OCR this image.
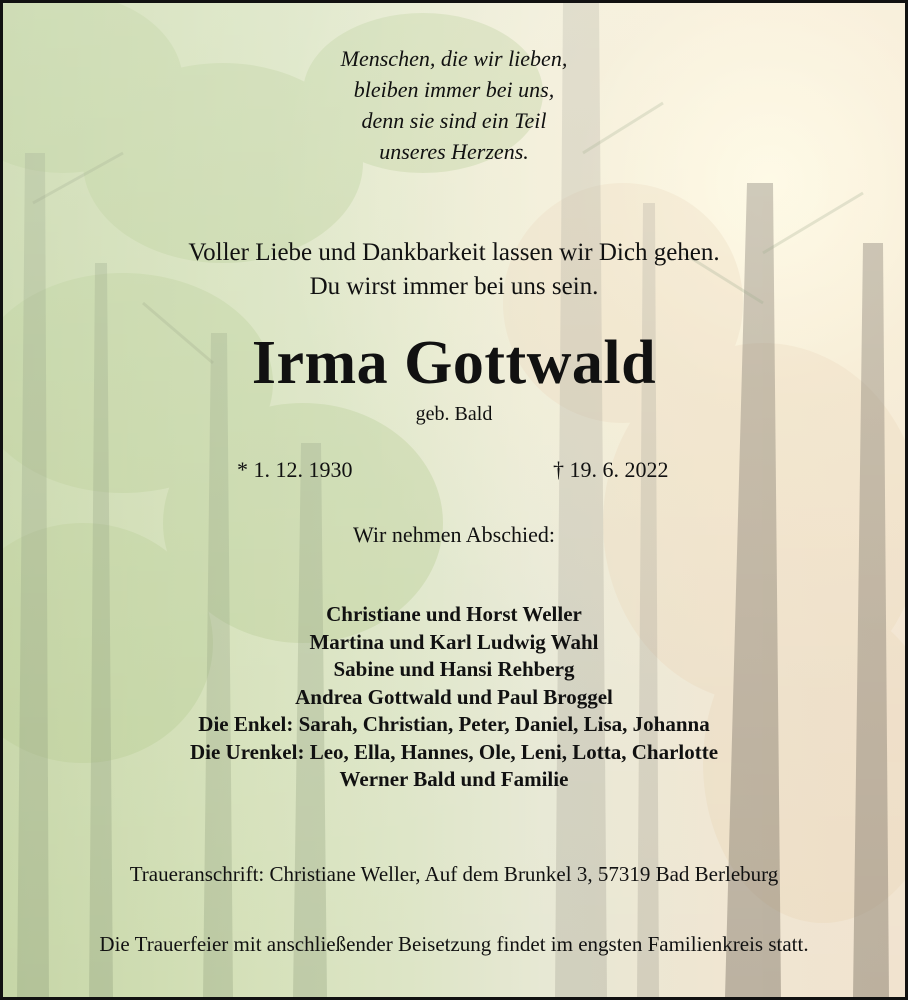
Menschen, die wir lieben,
bleiben immer bei uns,
denn sie sind ein Teil
unseres Herzens.
Voller Liebe und Dankbarkeit lassen wir Dich gehen.
Du wirst immer bei uns sein.
Irma Gottwald
geb. Bald
* 1. 12. 1930	† 19. 6. 2022
Wir nehmen Abschied:
Christiane und Horst Weller
Martina und Karl Ludwig Wahl
Sabine und Hansi Rehberg
Andrea Gottwald und Paul Broggel
Die Enkel: Sarah, Christian, Peter, Daniel, Lisa, Johanna
Die Urenkel: Leo, Ella, Hannes, Ole, Leni, Lotta, Charlotte
Werner Bald und Familie
Traueranschrift: Christiane Weller, Auf dem Brunkel 3, 57319 Bad Berleburg
Die Trauerfeier mit anschließender Beisetzung findet im engsten Familienkreis statt.
